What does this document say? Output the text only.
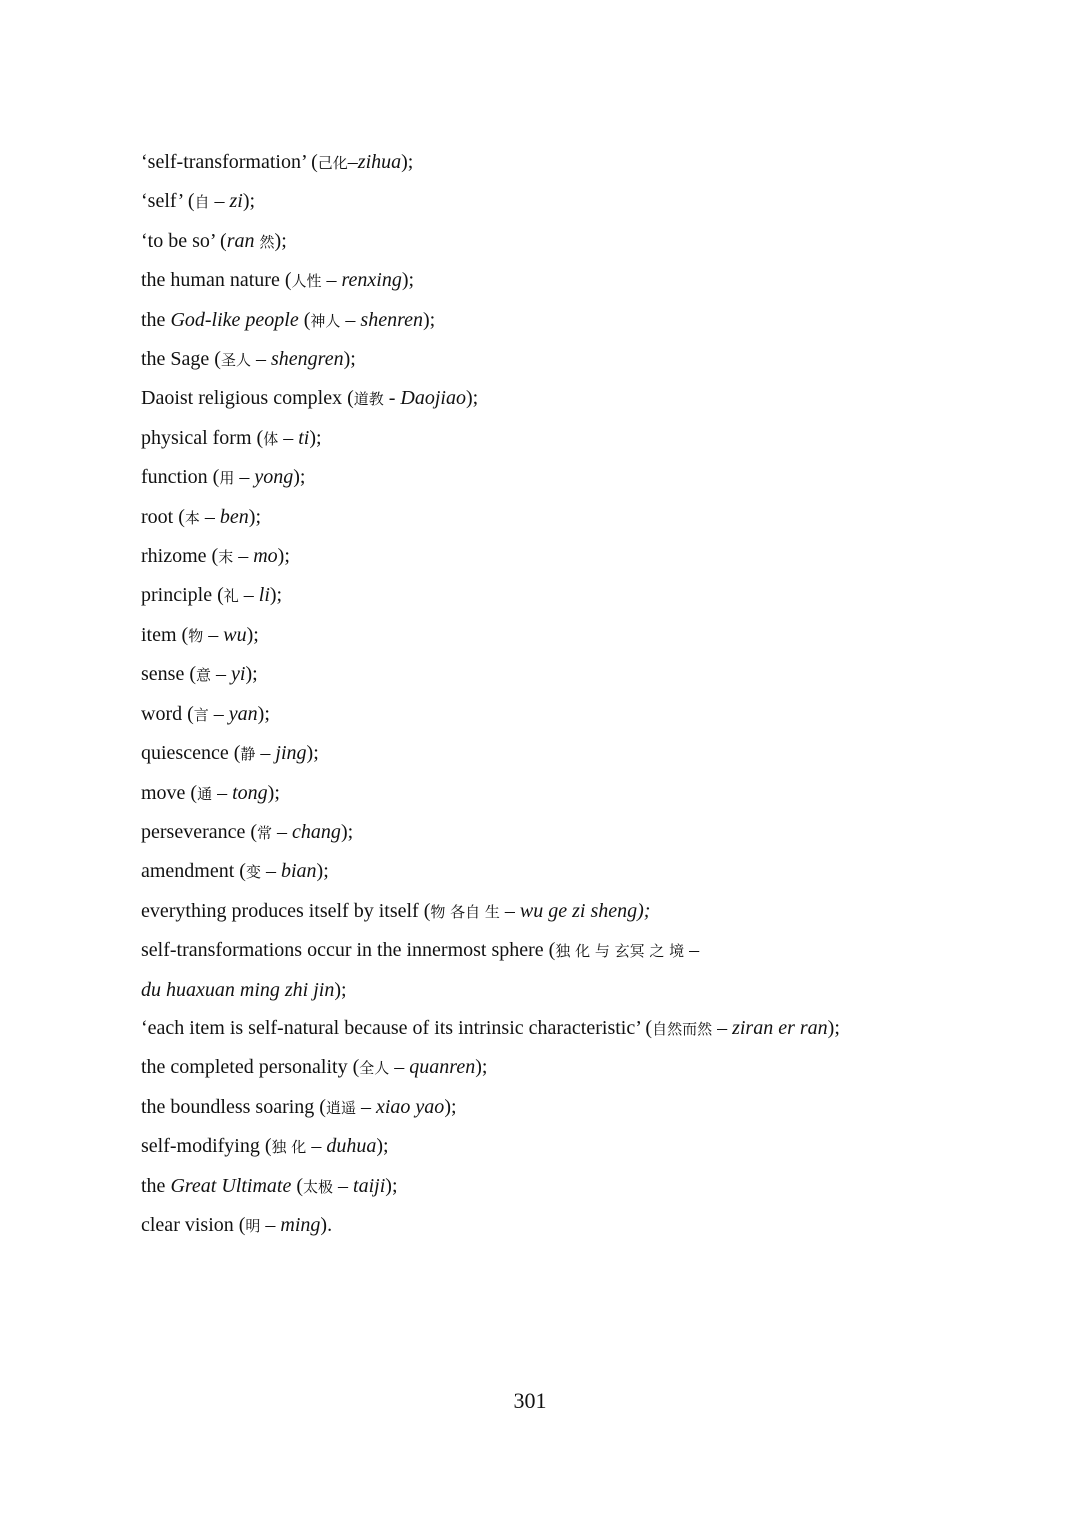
‘self-transformation’ (己化–zihua);
‘self’ (自 – zi);
‘to be so’ (ran 然);
the human nature (人性 – renxing);
the God-like people (神人 – shenren);
the Sage (圣人 – shengren);
Daoist religious complex (道教 - Daojiao);
physical form (体 – ti);
function (用 – yong);
root (本 – ben);
rhizome (末 – mo);
principle (礼 – li);
item (物 – wu);
sense (意 – yi);
word (言 – yan);
quiescence (静 – jing);
move (通 – tong);
perseverance (常 – chang);
amendment (变 – bian);
everything produces itself by itself (物 各自 生 – wu ge zi sheng);
self-transformations occur in the innermost sphere (独 化 与 玄冥 之 境 –
du huaxuan ming zhi jin);
‘each item is self-natural because of its intrinsic characteristic’ (自然而然 – ziran er ran);
the completed personality (全人 – quanren);
the boundless soaring (逍遥 – xiao yao);
self-modifying (独 化 – duhua);
the Great Ultimate (太极 – taiji);
clear vision (明 – ming).
301
